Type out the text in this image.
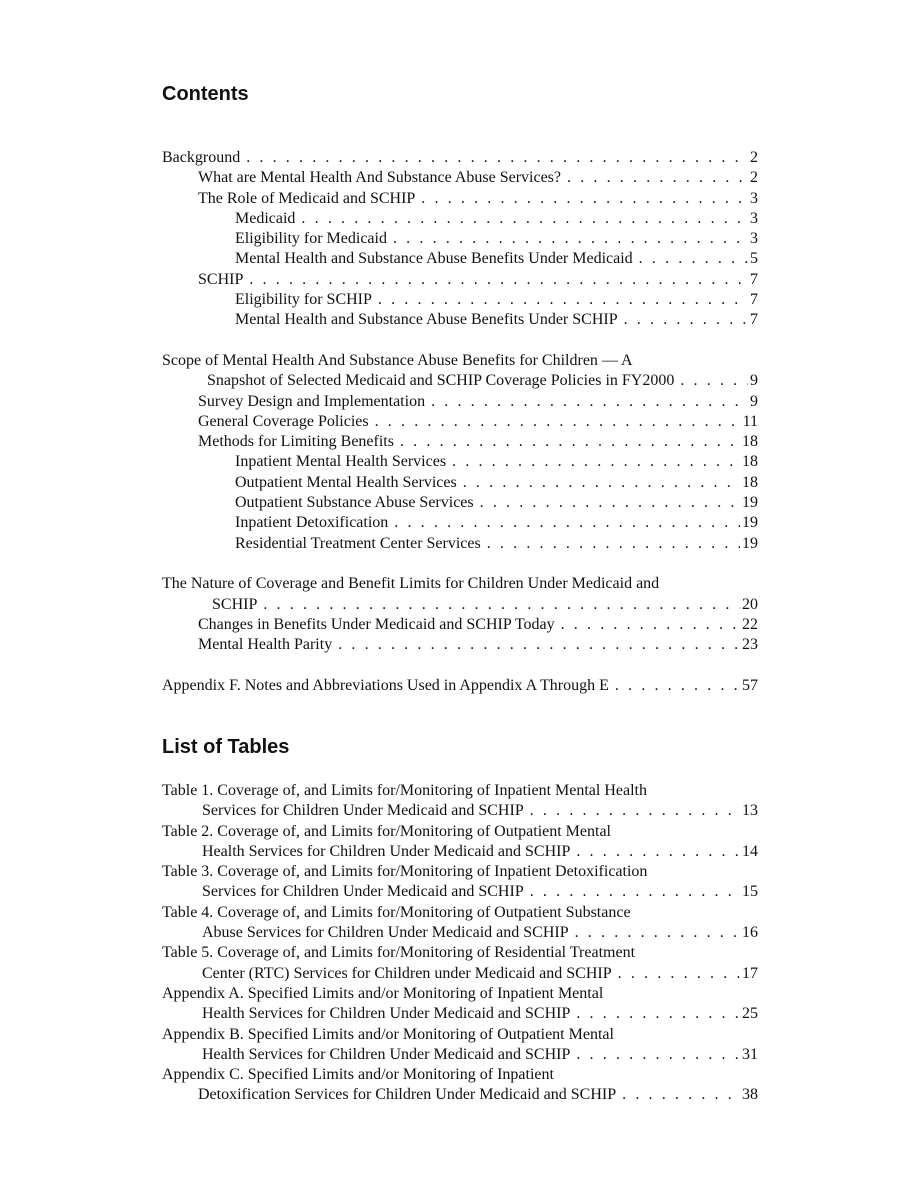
Contents
Background . . .	2
What are Mental Health And Substance Abuse Services? . . .	2
The Role of Medicaid and SCHIP . . .	3
Medicaid . . .	3
Eligibility for Medicaid . . .	3
Mental Health and Substance Abuse Benefits Under Medicaid . . .	5
SCHIP . . .	7
Eligibility for SCHIP . . .	7
Mental Health and Substance Abuse Benefits Under SCHIP . . .	7
Scope of Mental Health And Substance Abuse Benefits for Children — A
Snapshot of Selected Medicaid and SCHIP Coverage Policies in FY2000 . . .	9
Survey Design and Implementation . . .	9
General Coverage Policies . . .	11
Methods for Limiting Benefits . . .	18
Inpatient Mental Health Services . . .	18
Outpatient Mental Health Services . . .	18
Outpatient Substance Abuse Services . . .	19
Inpatient Detoxification . . .	19
Residential Treatment Center Services . . .	19
The Nature of Coverage and Benefit Limits for Children Under Medicaid and
SCHIP . . .	20
Changes in Benefits Under Medicaid and SCHIP Today . . .	22
Mental Health Parity . . .	23
Appendix F. Notes and Abbreviations Used in Appendix A Through E . . .	57
List of Tables
Table 1. Coverage of, and Limits for/Monitoring of Inpatient Mental Health
Services for Children Under Medicaid and SCHIP . . .	13
Table 2. Coverage of, and Limits for/Monitoring of Outpatient Mental
Health Services for Children Under Medicaid and SCHIP . . .	14
Table 3. Coverage of, and Limits for/Monitoring of Inpatient Detoxification
Services for Children Under Medicaid and SCHIP . . .	15
Table 4. Coverage of, and Limits for/Monitoring of Outpatient Substance
Abuse Services for Children Under Medicaid and SCHIP . . .	16
Table 5. Coverage of, and Limits for/Monitoring of Residential Treatment
Center (RTC) Services for Children under Medicaid and SCHIP . . .	17
Appendix A. Specified Limits and/or Monitoring of Inpatient Mental
Health Services for Children Under Medicaid and SCHIP . . .	25
Appendix B. Specified Limits and/or Monitoring of Outpatient Mental
Health Services for Children Under Medicaid and SCHIP . . .	31
Appendix C. Specified Limits and/or Monitoring of Inpatient
Detoxification Services for Children Under Medicaid and SCHIP . . .	38
